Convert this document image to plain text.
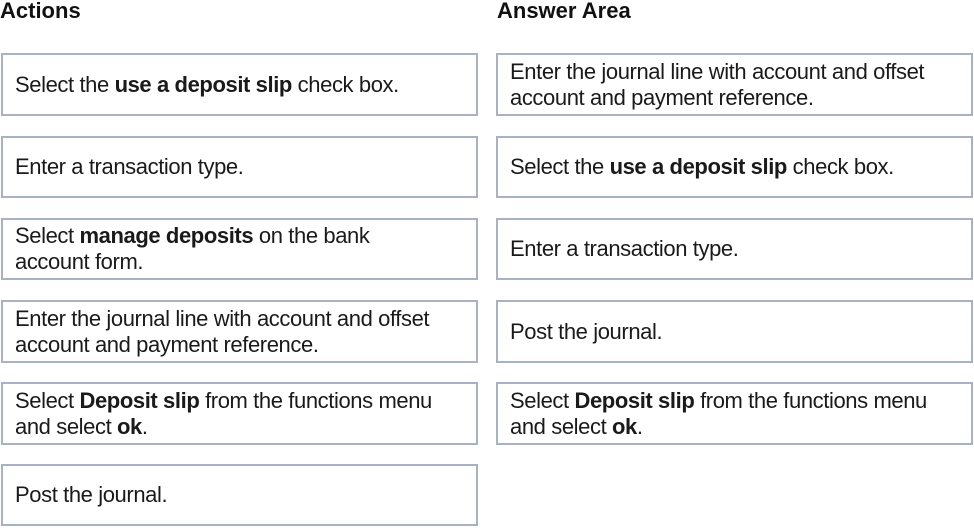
Actions	Answer Area
Select the use a deposit slip check box.
Enter a transaction type.
Select manage deposits on the bank account form.
Enter the journal line with account and offset account and payment reference.
Select Deposit slip from the functions menu and select ok.
Post the journal.
Enter the journal line with account and offset account and payment reference.
Select the use a deposit slip check box.
Enter a transaction type.
Post the journal.
Select Deposit slip from the functions menu and select ok.
